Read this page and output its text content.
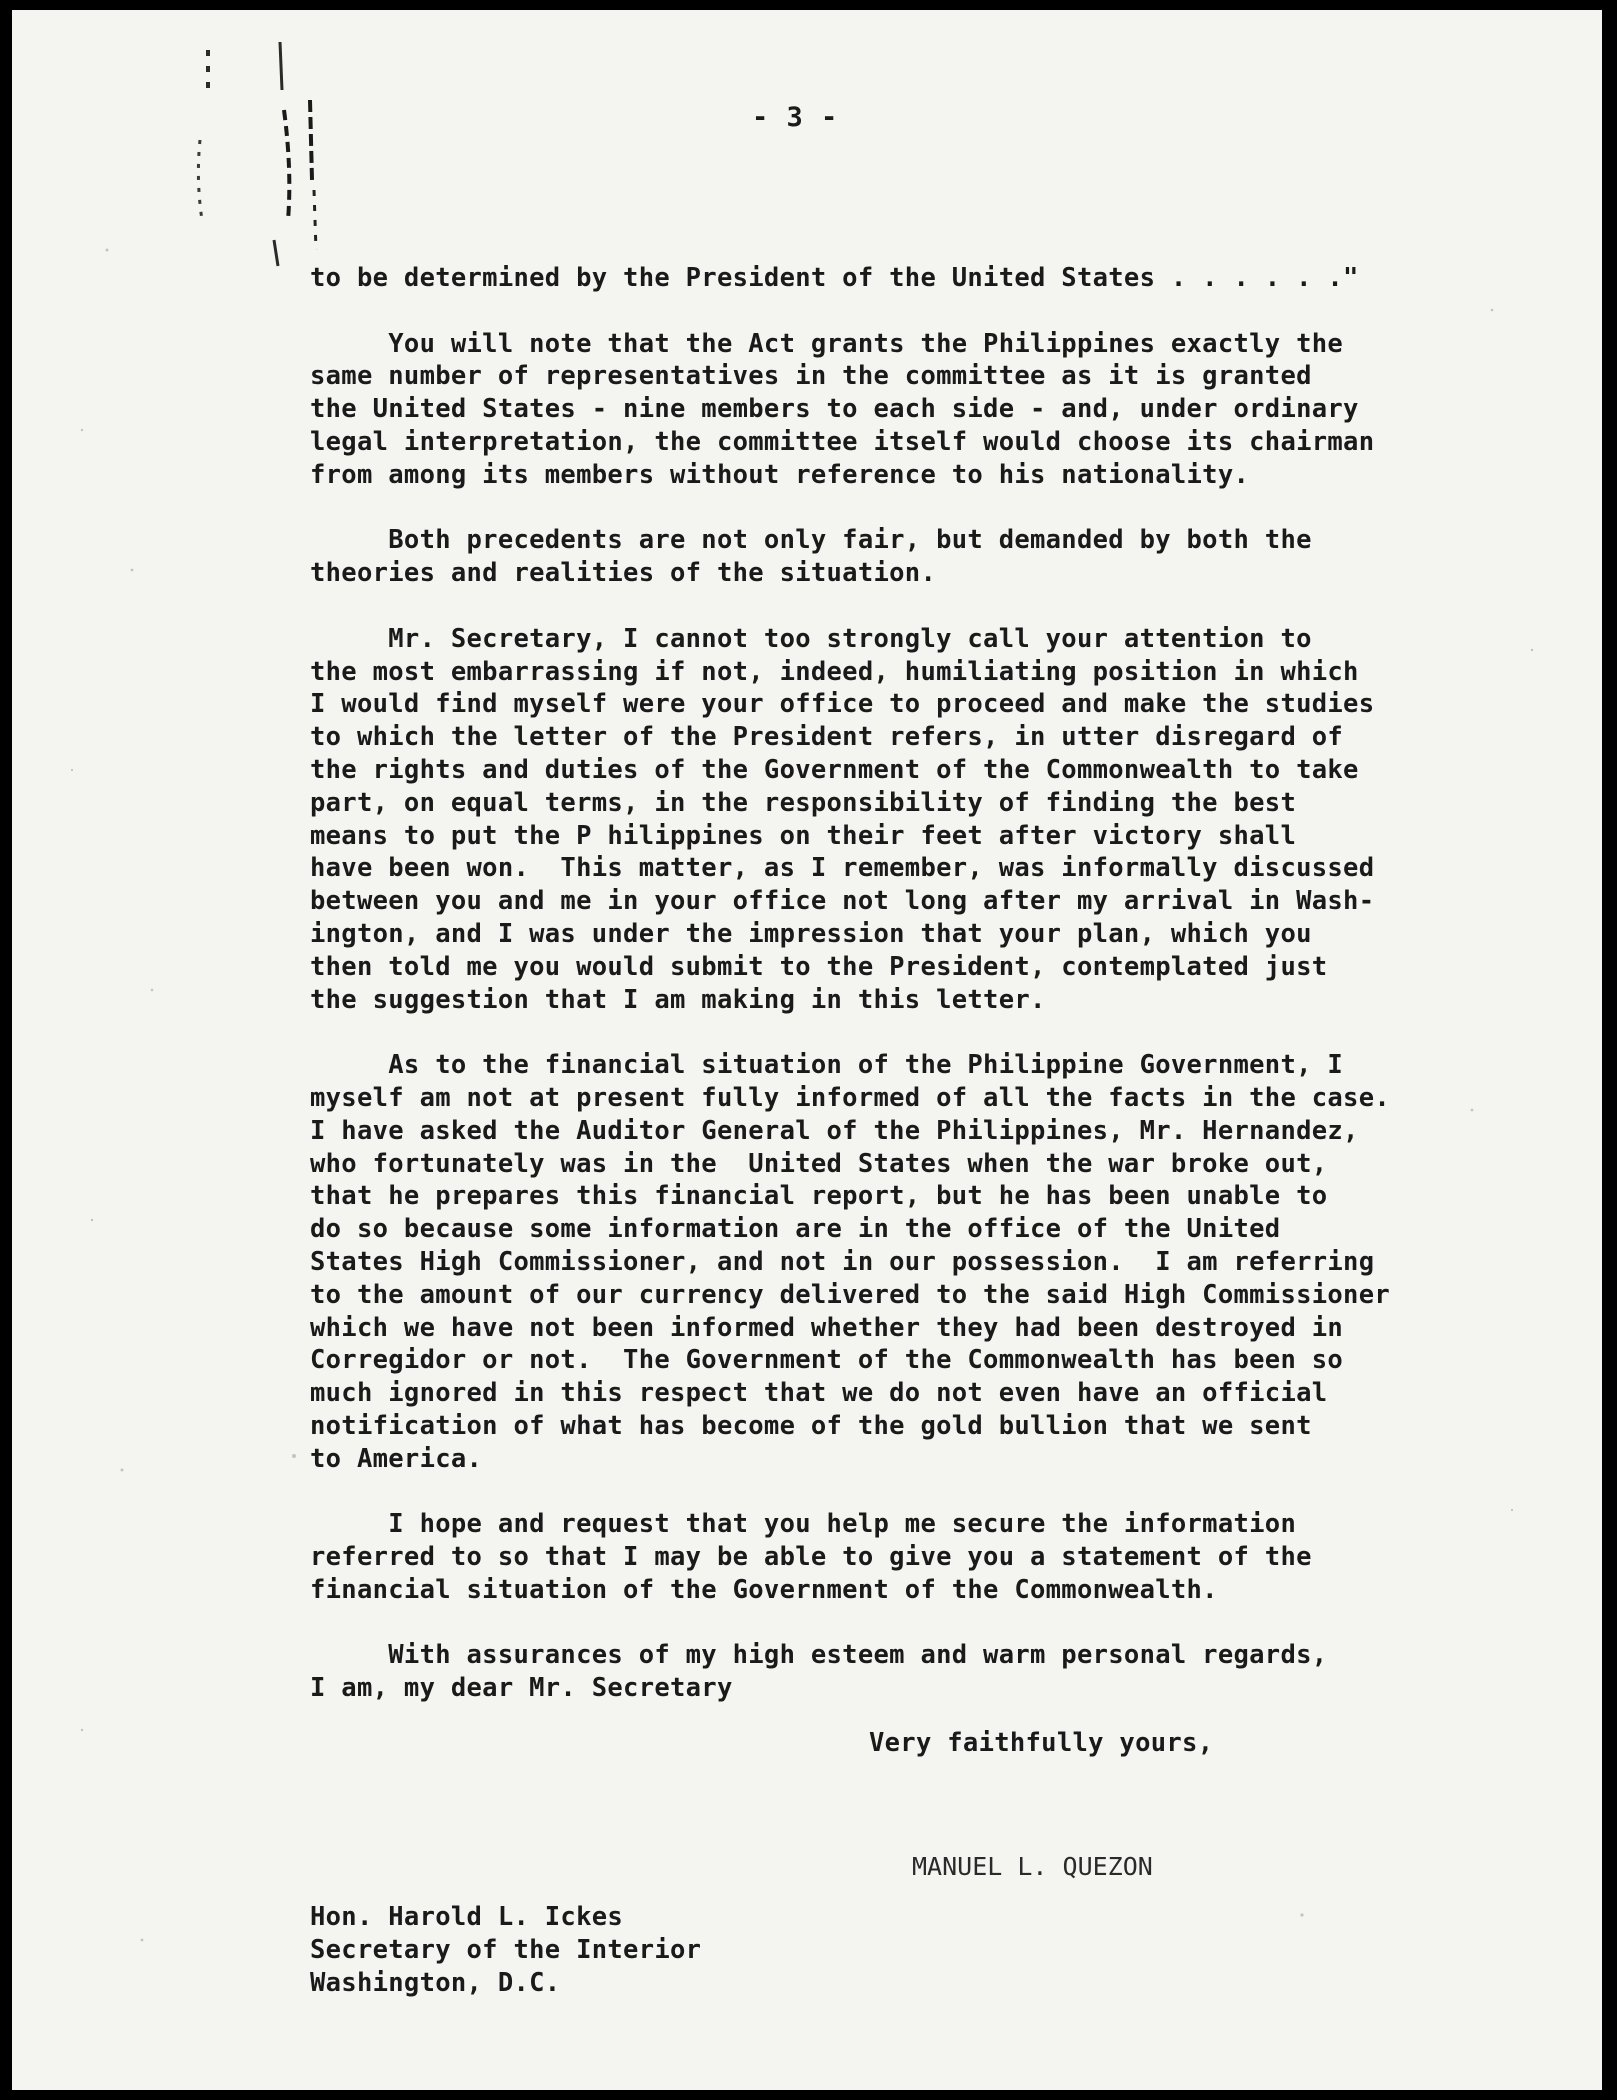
- 3 -
to be determined by the President of the United States . . . . . ."
You will note that the Act grants the Philippines exactly the
same number of representatives in the committee as it is granted
the United States - nine members to each side - and, under ordinary
legal interpretation, the committee itself would choose its chairman
from among its members without reference to his nationality.
Both precedents are not only fair, but demanded by both the
theories and realities of the situation.
Mr. Secretary, I cannot too strongly call your attention to
the most embarrassing if not, indeed, humiliating position in which
I would find myself were your office to proceed and make the studies
to which the letter of the President refers, in utter disregard of
the rights and duties of the Government of the Commonwealth to take
part, on equal terms, in the responsibility of finding the best
means to put the P hilippines on their feet after victory shall
have been won.  This matter, as I remember, was informally discussed
between you and me in your office not long after my arrival in Wash-
ington, and I was under the impression that your plan, which you
then told me you would submit to the President, contemplated just
the suggestion that I am making in this letter.
As to the financial situation of the Philippine Government, I
myself am not at present fully informed of all the facts in the case.
I have asked the Auditor General of the Philippines, Mr. Hernandez,
who fortunately was in the  United States when the war broke out,
that he prepares this financial report, but he has been unable to
do so because some information are in the office of the United
States High Commissioner, and not in our possession.  I am referring
to the amount of our currency delivered to the said High Commissioner
which we have not been informed whether they had been destroyed in
Corregidor or not.  The Government of the Commonwealth has been so
much ignored in this respect that we do not even have an official
notification of what has become of the gold bullion that we sent
to America.
I hope and request that you help me secure the information
referred to so that I may be able to give you a statement of the
financial situation of the Government of the Commonwealth.
With assurances of my high esteem and warm personal regards,
I am, my dear Mr. Secretary
Very faithfully yours,
MANUEL L. QUEZON
Hon. Harold L. Ickes
Secretary of the Interior
Washington, D.C.
